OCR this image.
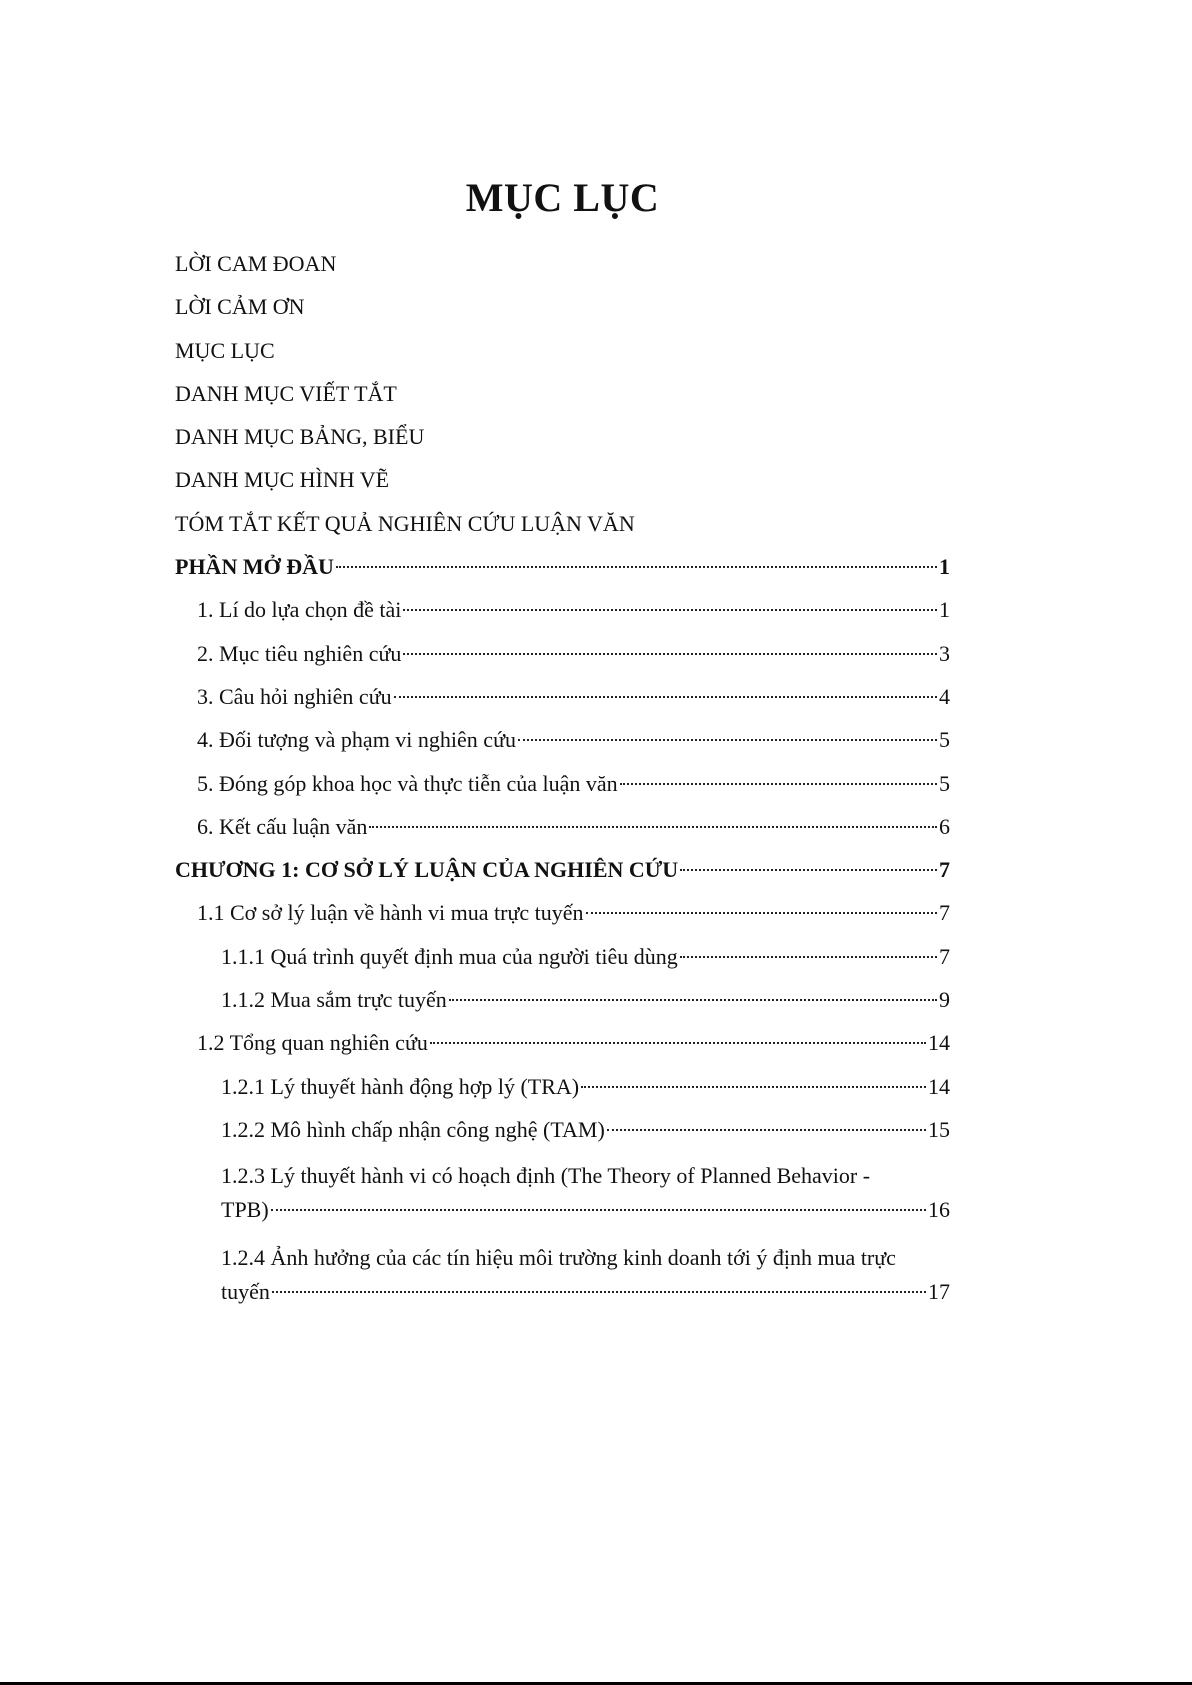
MỤC LỤC
LỜI CAM ĐOAN
LỜI CẢM ƠN
MỤC LỤC
DANH MỤC VIẾT TẮT
DANH MỤC BẢNG, BIỂU
DANH MỤC HÌNH VẼ
TÓM TẮT KẾT QUẢ NGHIÊN CỨU LUẬN VĂN
PHẦN MỞ ĐẦU	1
1. Lí do lựa chọn đề tài	1
2. Mục tiêu nghiên cứu	3
3. Câu hỏi nghiên cứu	4
4. Đối tượng và phạm vi nghiên cứu	5
5. Đóng góp khoa học và thực tiễn của luận văn	5
6. Kết cấu luận văn	6
CHƯƠNG 1: CƠ SỞ LÝ LUẬN CỦA NGHIÊN CỨU	7
1.1 Cơ sở lý luận về hành vi mua trực tuyến	7
1.1.1 Quá trình quyết định mua của người tiêu dùng	7
1.1.2 Mua sắm trực tuyến	9
1.2 Tổng quan nghiên cứu	14
1.2.1 Lý thuyết hành động hợp lý (TRA)	14
1.2.2 Mô hình chấp nhận công nghệ (TAM)	15
1.2.3 Lý thuyết hành vi có hoạch định (The Theory of Planned Behavior -
TPB)	16
1.2.4 Ảnh hưởng của các tín hiệu môi trường kinh doanh tới ý định mua trực
tuyến	17
